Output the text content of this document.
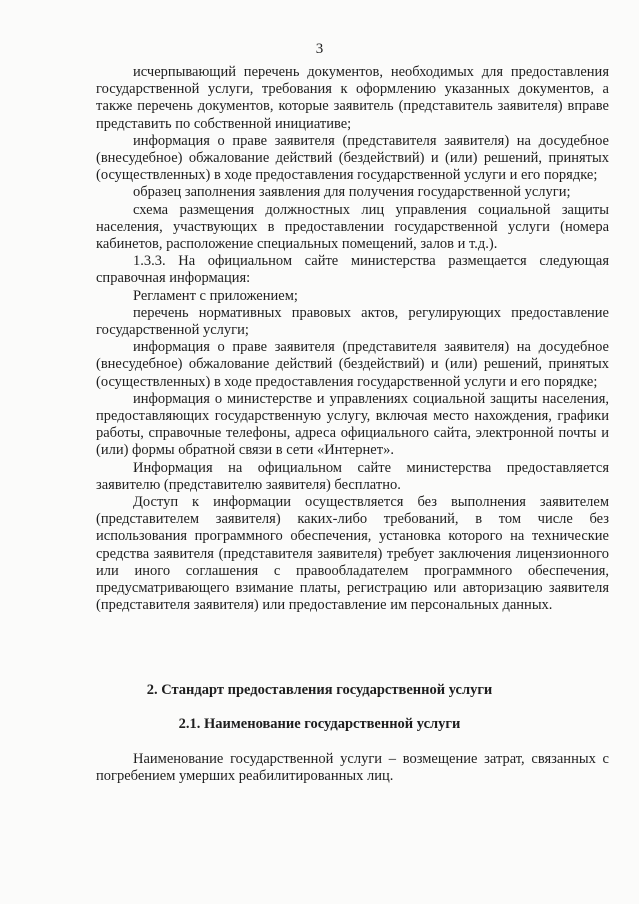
3

исчерпывающий перечень документов, необходимых для предоставления государственной услуги, требования к оформлению указанных документов, а также перечень документов, которые заявитель (представитель заявителя) вправе представить по собственной инициативе;

информация о праве заявителя (представителя заявителя) на досудебное (внесудебное) обжалование действий (бездействий) и (или) решений, принятых (осуществленных) в ходе предоставления государственной услуги и его порядке;

образец заполнения заявления для получения государственной услуги;

схема размещения должностных лиц управления социальной защиты населения, участвующих в предоставлении государственной услуги (номера кабинетов, расположение специальных помещений, залов и т.д.).

1.3.3. На официальном сайте министерства размещается следующая справочная информация:

Регламент с приложением;

перечень нормативных правовых актов, регулирующих предоставление государственной услуги;

информация о праве заявителя (представителя заявителя) на досудебное (внесудебное) обжалование действий (бездействий) и (или) решений, принятых (осуществленных) в ходе предоставления государственной услуги и его порядке;

информация о министерстве и управлениях социальной защиты населения, предоставляющих государственную услугу, включая место нахождения, графики работы, справочные телефоны, адреса официального сайта, электронной почты и (или) формы обратной связи в сети «Интернет».

Информация на официальном сайте министерства предоставляется заявителю (представителю заявителя) бесплатно.

Доступ к информации осуществляется без выполнения заявителем (представителем заявителя) каких-либо требований, в том числе без использования программного обеспечения, установка которого на технические средства заявителя (представителя заявителя) требует заключения лицензионного или иного соглашения с правообладателем программного обеспечения, предусматривающего взимание платы, регистрацию или авторизацию заявителя (представителя заявителя) или предоставление им персональных данных.

2. Стандарт предоставления государственной услуги
2.1. Наименование государственной услуги

Наименование государственной услуги – возмещение затрат, связанных с погребением умерших реабилитированных лиц.
